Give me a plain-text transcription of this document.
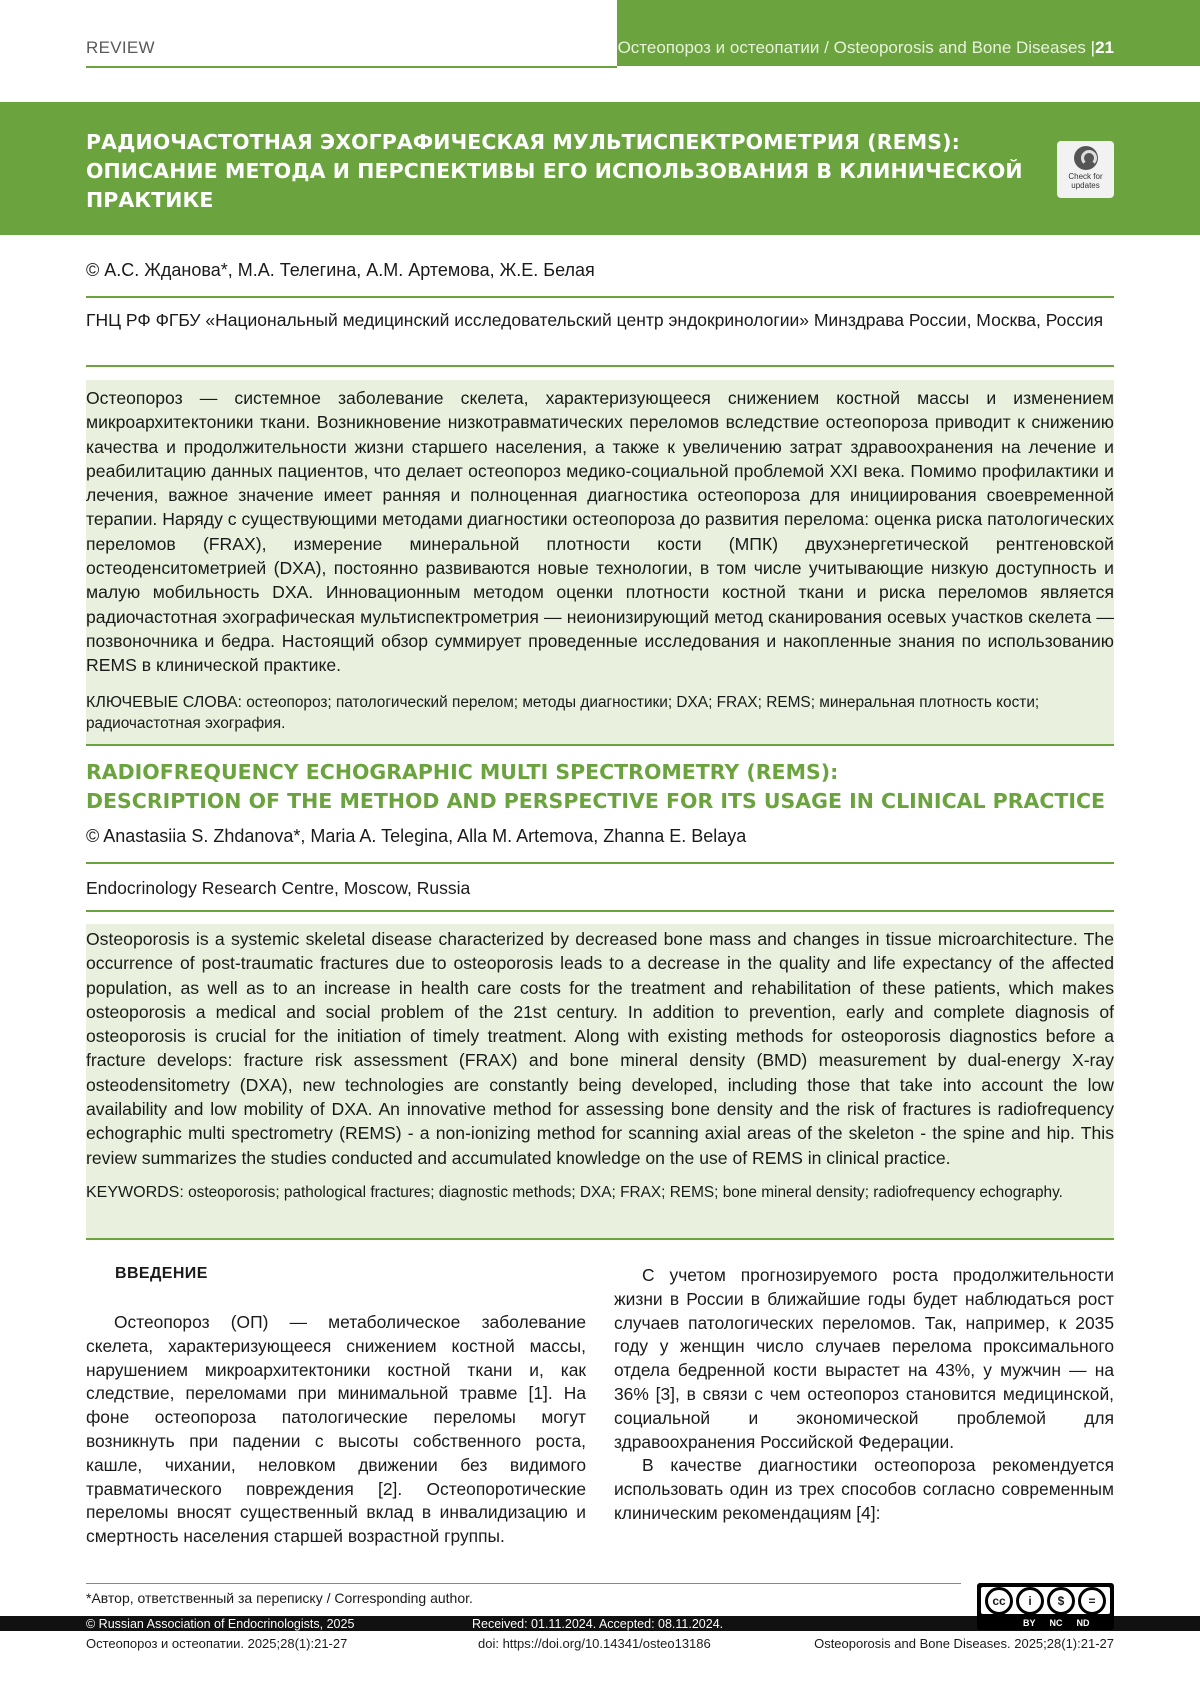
REVIEW	Остеопороз и остеопатии / Osteoporosis and Bone Diseases |21
РАДИОЧАСТОТНАЯ ЭХОГРАФИЧЕСКАЯ МУЛЬТИСПЕКТРОМЕТРИЯ (REMS):
ОПИСАНИЕ МЕТОДА И ПЕРСПЕКТИВЫ ЕГО ИСПОЛЬЗОВАНИЯ В КЛИНИЧЕСКОЙ
ПРАКТИКЕ
Check for updates
© А.С. Жданова*, М.А. Телегина, А.М. Артемова, Ж.Е. Белая
ГНЦ РФ ФГБУ «Национальный медицинский исследовательский центр эндокринологии» Минздрава России, Москва, Россия
Остеопороз — системное заболевание скелета, характеризующееся снижением костной массы и изменением микроархитектоники ткани. Возникновение низкотравматических переломов вследствие остеопороза приводит к снижению качества и продолжительности жизни старшего населения, а также к увеличению затрат здравоохранения на лечение и реабилитацию данных пациентов, что делает остеопороз медико-социальной проблемой XXI века. Помимо профилактики и лечения, важное значение имеет ранняя и полноценная диагностика остеопороза для инициирования своевременной терапии. Наряду с существующими методами диагностики остеопороза до развития перелома: оценка риска патологических переломов (FRAX), измерение минеральной плотности кости (МПК) двухэнергетической рентгеновской остеоденситометрией (DXA), постоянно развиваются новые технологии, в том числе учитывающие низкую доступность и малую мобильность DXA. Инновационным методом оценки плотности костной ткани и риска переломов является радиочастотная эхографическая мультиспектрометрия — неионизирующий метод сканирования осевых участков скелета — позвоночника и бедра. Настоящий обзор суммирует проведенные исследования и накопленные знания по использованию REMS в клинической практике.
КЛЮЧЕВЫЕ СЛОВА: остеопороз; патологический перелом; методы диагностики; DXA; FRAX; REMS; минеральная плотность кости; радиочастотная эхография.
RADIOFREQUENCY ECHOGRAPHIC MULTI SPECTROMETRY (REMS):
DESCRIPTION OF THE METHOD AND PERSPECTIVE FOR ITS USAGE IN CLINICAL PRACTICE
© Anastasiia S. Zhdanova*, Maria A. Telegina, Alla M. Artemova, Zhanna E. Belaya
Endocrinology Research Centre, Moscow, Russia
Osteoporosis is a systemic skeletal disease characterized by decreased bone mass and changes in tissue microarchitecture. The occurrence of post-traumatic fractures due to osteoporosis leads to a decrease in the quality and life expectancy of the affected population, as well as to an increase in health care costs for the treatment and rehabilitation of these patients, which makes osteoporosis a medical and social problem of the 21st century. In addition to prevention, early and complete diagnosis of osteoporosis is crucial for the initiation of timely treatment. Along with existing methods for osteoporosis diagnostics before a fracture develops: fracture risk assessment (FRAX) and bone mineral density (BMD) measurement by dual-energy X-ray osteodensitometry (DXA), new technologies are constantly being developed, including those that take into account the low availability and low mobility of DXA. An innovative method for assessing bone density and the risk of fractures is radiofrequency echographic multi spectrometry (REMS) - a non-ionizing method for scanning axial areas of the skeleton - the spine and hip. This review summarizes the studies conducted and accumulated knowledge on the use of REMS in clinical practice.
KEYWORDS: osteoporosis; pathological fractures; diagnostic methods; DXA; FRAX; REMS; bone mineral density; radiofrequency echography.
ВВЕДЕНИЕ

Остеопороз (ОП) — метаболическое заболевание скелета, характеризующееся снижением костной массы, нарушением микроархитектоники костной ткани и, как следствие, переломами при минимальной травме [1]. На фоне остеопороза патологические переломы могут возникнуть при падении с высоты собственного роста, кашле, чихании, неловком движении без видимого травматического повреждения [2]. Остеопоротические переломы вносят существенный вклад в инвалидизацию и смертность населения старшей возрастной группы.

С учетом прогнозируемого роста продолжительности жизни в России в ближайшие годы будет наблюдаться рост случаев патологических переломов. Так, например, к 2035 году у женщин число случаев перелома проксимального отдела бедренной кости вырастет на 43%, у мужчин — на 36% [3], в связи с чем остеопороз становится медицинской, социальной и экономической проблемой для здравоохранения Российской Федерации.

В качестве диагностики остеопороза рекомендуется использовать один из трех способов согласно современным клиническим рекомендациям [4]:

*Автор, ответственный за переписку / Corresponding author.
© Russian Association of Endocrinologists, 2025	Received: 01.11.2024. Accepted: 08.11.2024.
cc	i	$	=
BY NC ND
Остеопороз и остеопатии. 2025;28(1):21-27	doi: https://doi.org/10.14341/osteo13186	Osteoporosis and Bone Diseases. 2025;28(1):21-27
